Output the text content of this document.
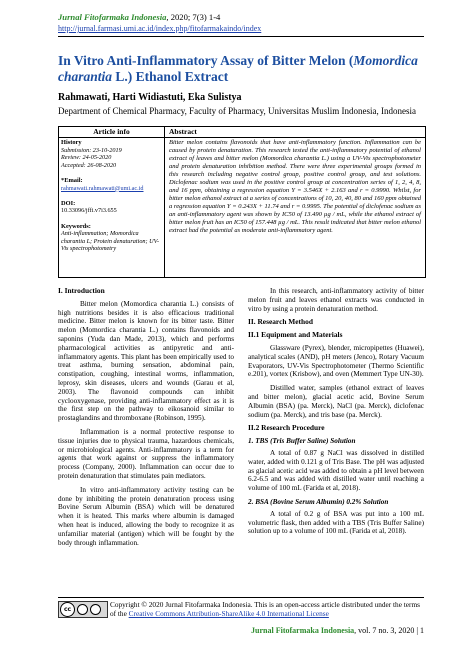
Jurnal Fitofarmaka Indonesia, 2020; 7(3) 1-4
http://jurnal.farmasi.umi.ac.id/index.php/fitofarmakaindo/index
In Vitro Anti-Inflammatory Assay of Bitter Melon (Momordica charantia L.) Ethanol Extract
Rahmawati, Harti Widiastuti, Eka Sulistya
Department of Chemical Pharmacy, Faculty of Pharmacy, Universitas Muslim Indonesia, Indonesia
Article info	Abstract
History
Submission: 23-10-2019
Review: 24-05-2020
Accepted: 26-08-2020

*Email:
rahmawati.rahmawati@umi.ac.id

DOI:
10.33096/jffi.v7i3.655

Keywords:
Anti-inflammation; Momordica charantia L; Protein denaturation; UV-Vis spectrophotometry
Bitter melon contains flavonoids that have anti-inflammatory function. Inflammation can be caused by protein denaturation. This research tested the anti-inflammatory potential of ethanol extract of leaves and bitter melon (Momordica charantia L.) using a UV-Vis spectrophotometer and protein denaturation inhibition method. There were three experimental groups formed in this research including negative control group, positive control group, and test solutions. Diclofenac sodium was used in the positive control group at concentration series of 1, 2, 4, 8, and 16 ppm, obtaining a regression equation Y = 3.546X + 2.163 and r = 0.9990. Whilst, for bitter melon ethanol extract at a series of concentrations of 10, 20, 40, 80 and 160 ppm obtained a regression equation Y = 0.243X + 11.74 and r = 0.9995. The potential of diclofenac sodium as an anti-inflammatory agent was shown by IC50 of 13.490 µg / mL, while the ethanol extract of bitter melon fruit has an IC50 of 157.448 µg / mL. This result indicated that bitter melon ethanol extract had the potential as moderate anti-inflammatory agent.
I. Introduction

Bitter melon (Momordica charantia L.) consists of high nutritions besides it is also efficacious traditional medicine. Bitter melon is known for its bitter taste. Bitter melon (Momordica charantia L.) contains flavonoids and saponins (Yuda dan Made, 2013), which and performs pharmacological activities as antipyretic and anti-inflammatory agents. This plant has been empirically used to treat asthma, burning sensation, abdominal pain, constipation, coughing, intestinal worms, inflammation, leprosy, skin diseases, ulcers and wounds (Garau et al, 2003). The flavonoid compounds can inhibit cyclooxygenase, providing anti-inflammatory effect as it is the first step on the pathway to eikosanoid similar to prostaglandins and thromboxane (Robinson, 1995).

Inflammation is a normal protective response to tissue injuries due to physical trauma, hazardous chemicals, or microbiological agents. Anti-inflammatory is a term for agents that work against or suppress the inflammatory process (Company, 2000). Inflammation can occur due to protein denaturation that stimulates pain mediators.

In vitro anti-inflammatory activity testing can be done by inhibiting the protein denaturation process using Bovine Serum Albumin (BSA) which will be denatured when it is heated. This marks where albumin is damaged when heat is induced, allowing the body to recognize it as unfamiliar material (antigen) which will be fought by the body through inflammation.

In this research, anti-inflammatory activity of bitter melon fruit and leaves ethanol extracts was conducted in vitro by using a protein denaturation method.

II. Research Method
II.1 Equipment and Materials

Glassware (Pyrex), blender, micropipettes (Huawei), analytical scales (AND), pH meters (Jenco), Rotary Vacuum Evaporators, UV-Vis Spectrophotometer (Thermo Scientific e.201), vortex (Krisbow), and oven (Memmert Type UN-30).

Distilled water, samples (ethanol extract of leaves and bitter melon), glacial acetic acid, Bovine Serum Albumin (BSA) (pa. Merck), NaCl (pa. Merck), diclofenac sodium (pa. Merck), and tris base (pa. Merck).

II.2 Research Procedure
1. TBS (Tris Buffer Saline) Solution

A total of 0.87 g NaCl was dissolved in distilled water, added with 0.121 g of Tris Base. The pH was adjusted as glacial acetic acid was added to obtain a pH level between 6.2-6.5 and was added with distilled water until reaching a volume of 100 mL (Farida et al, 2018).

2. BSA (Bovine Serum Albumin) 0.2% Solution

A total of 0.2 g of BSA was put into a 100 mL volumetric flask, then added with a TBS (Tris Buffer Saline) solution up to a volume of 100 mL (Farida et al, 2018).

cc
Copyright © 2020 Jurnal Fitofarmaka Indonesia. This is an open-access article distributed under the terms of the Creative Commons Attribution-ShareAlike 4.0 International License
Jurnal Fitofarmaka Indonesia, vol. 7 no. 3, 2020 | 1
